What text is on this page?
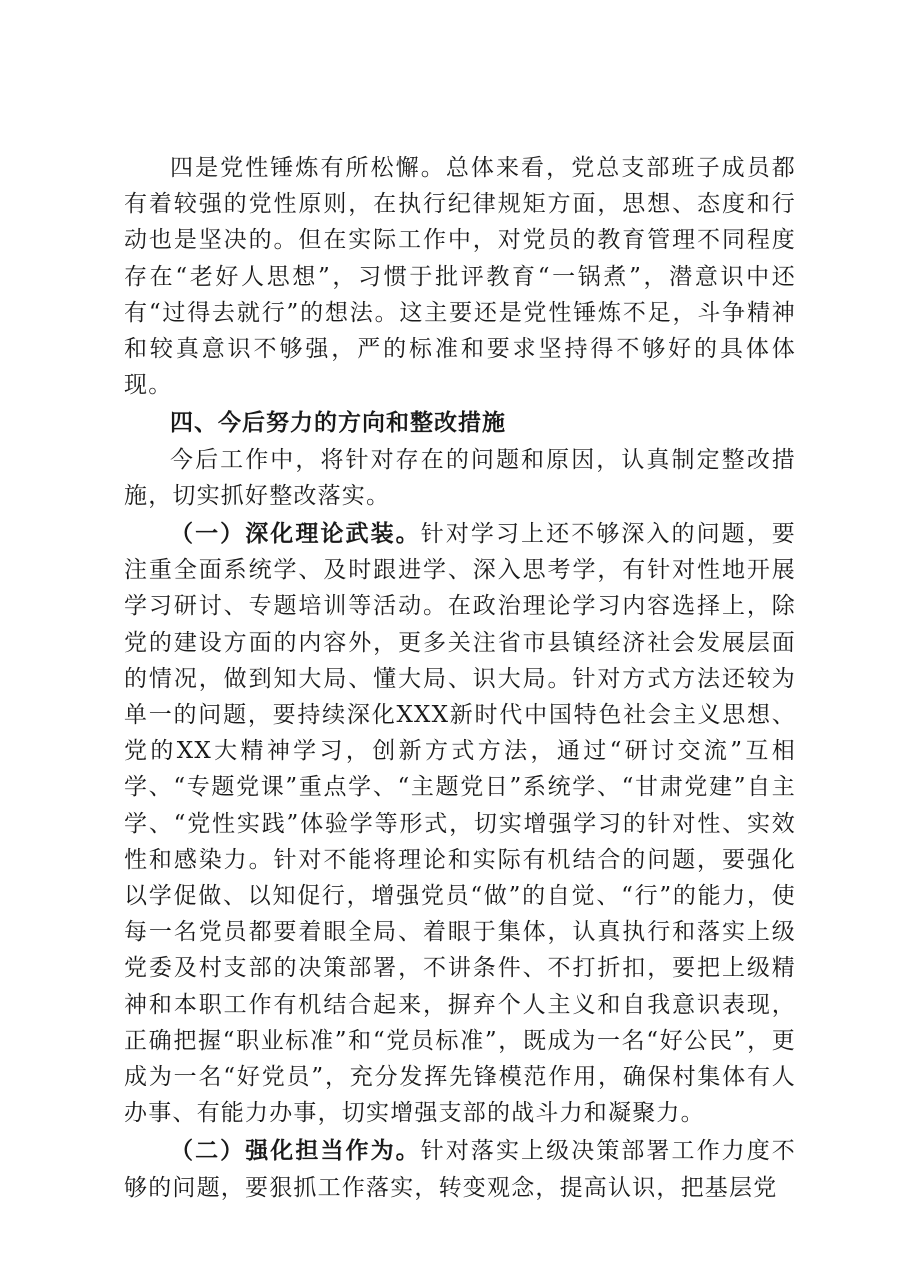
四是党性锤炼有所松懈。总体来看，党总支部班子成员都有着较强的党性原则，在执行纪律规矩方面，思想、态度和行动也是坚决的。但在实际工作中，对党员的教育管理不同程度存在“老好人思想”，习惯于批评教育“一锅煮”，潜意识中还有“过得去就行”的想法。这主要还是党性锤炼不足，斗争精神和较真意识不够强，严的标准和要求坚持得不够好的具体体现。

四、今后努力的方向和整改措施

今后工作中，将针对存在的问题和原因，认真制定整改措施，切实抓好整改落实。

（一）深化理论武装。针对学习上还不够深入的问题，要注重全面系统学、及时跟进学、深入思考学，有针对性地开展学习研讨、专题培训等活动。在政治理论学习内容选择上，除党的建设方面的内容外，更多关注省市县镇经济社会发展层面的情况，做到知大局、懂大局、识大局。针对方式方法还较为单一的问题，要持续深化XXX新时代中国特色社会主义思想、党的XX大精神学习，创新方式方法，通过“研讨交流”互相学、“专题党课”重点学、“主题党日”系统学、“甘肃党建”自主学、“党性实践”体验学等形式，切实增强学习的针对性、实效性和感染力。针对不能将理论和实际有机结合的问题，要强化以学促做、以知促行，增强党员“做”的自觉、“行”的能力，使每一名党员都要着眼全局、着眼于集体，认真执行和落实上级党委及村支部的决策部署，不讲条件、不打折扣，要把上级精神和本职工作有机结合起来，摒弃个人主义和自我意识表现，正确把握“职业标准”和“党员标准”，既成为一名“好公民”，更成为一名“好党员”，充分发挥先锋模范作用，确保村集体有人办事、有能力办事，切实增强支部的战斗力和凝聚力。

（二）强化担当作为。针对落实上级决策部署工作力度不够的问题，要狠抓工作落实，转变观念，提高认识，把基层党
